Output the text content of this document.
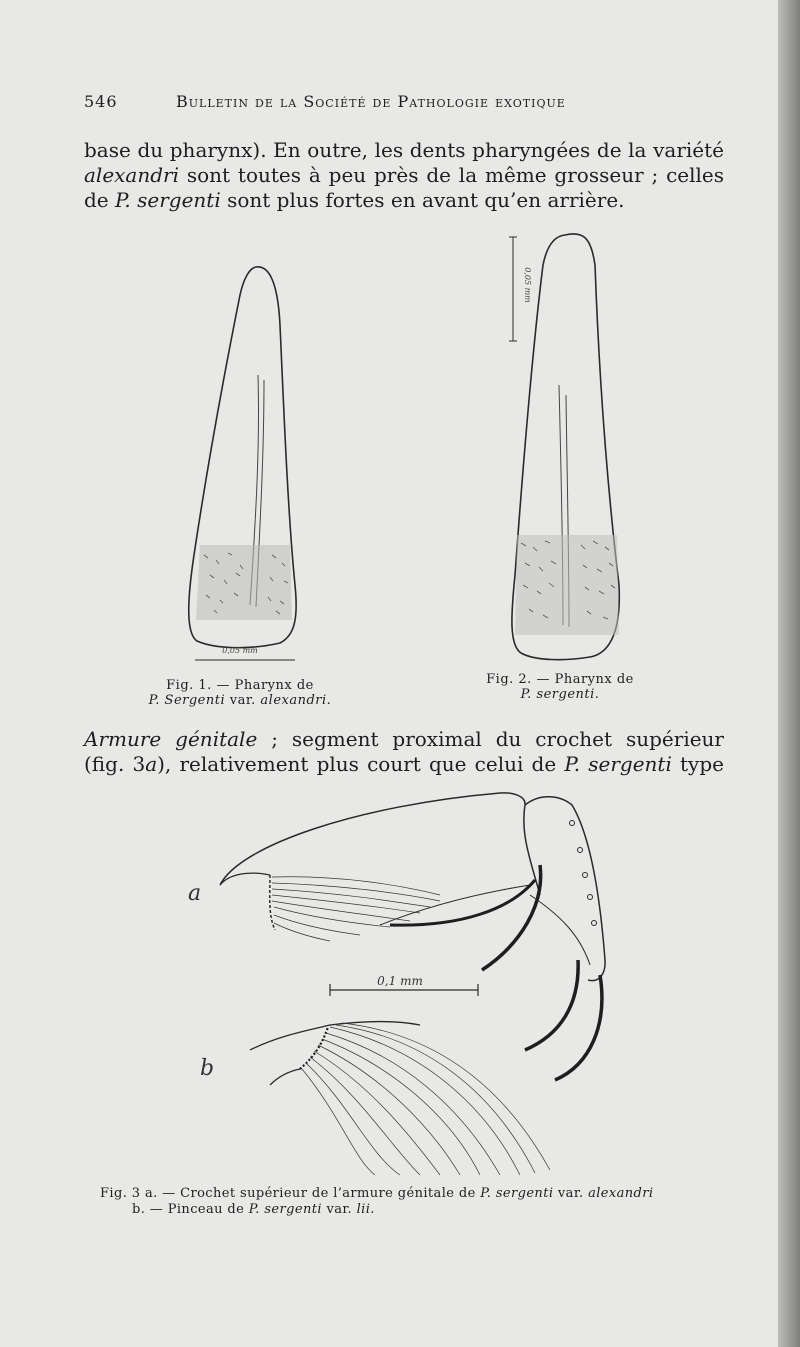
546	Bulletin de la Société de Pathologie exotique

base du pharynx). En outre, les dents pharyngées de la variété
alexandri sont toutes à peu près de la même grosseur ; celles
de P. sergenti sont plus fortes en avant qu’en arrière.

0,05 mm
Fig. 1. — Pharynx de
P. Sergenti var. alexandri.
0,05 mm
Fig. 2. — Pharynx de
P. sergenti.

Armure génitale ; segment proximal du crochet supérieur
(fig. 3a), relativement plus court que celui de P. sergenti type

a
b
0,1 mm
Fig. 3 a. — Crochet supérieur de l’armure génitale de P. sergenti var. alexandri
b. — Pinceau de P. sergenti var. lii.
